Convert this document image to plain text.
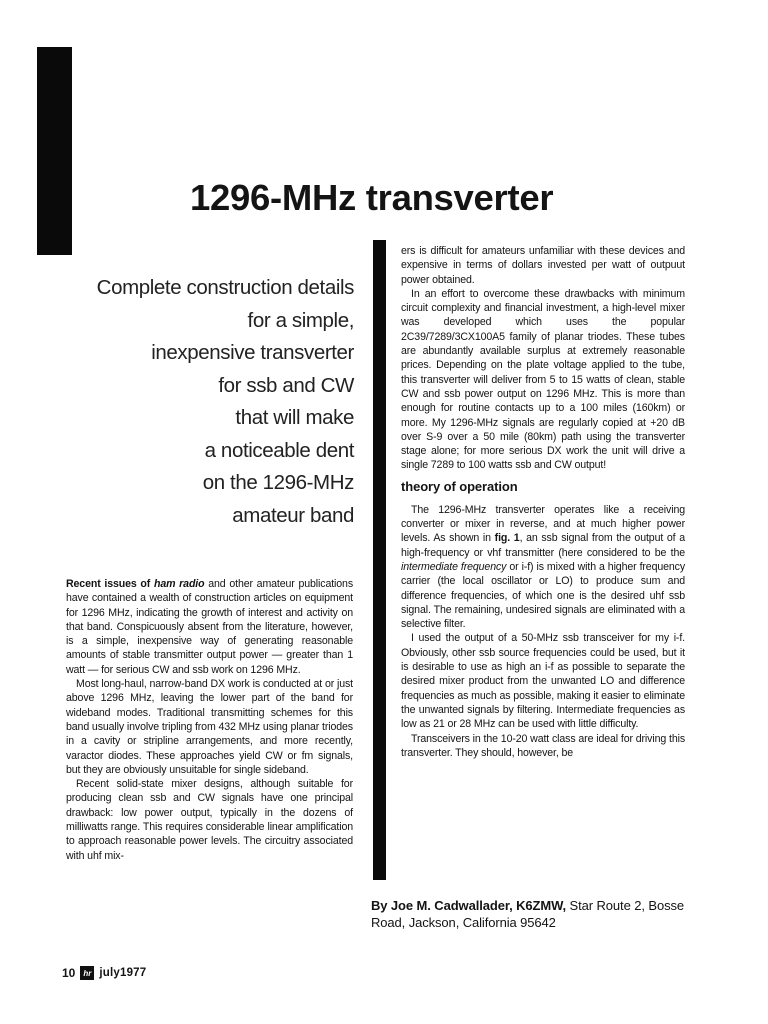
1296-MHz transverter
Complete construction details
for a simple,
inexpensive transverter
for ssb and CW
that will make
a noticeable dent
on the 1296-MHz
amateur band

Recent issues of ham radio and other amateur publications have contained a wealth of construction articles on equipment for 1296 MHz, indicating the growth of interest and activity on that band. Conspicuously absent from the literature, however, is a simple, inexpensive way of generating reasonable amounts of stable transmitter output power — greater than 1 watt — for serious CW and ssb work on 1296 MHz.

Most long-haul, narrow-band DX work is conducted at or just above 1296 MHz, leaving the lower part of the band for wideband modes. Traditional transmitting schemes for this band usually involve tripling from 432 MHz using planar triodes in a cavity or stripline arrangements, and more recently, varactor diodes. These approaches yield CW or fm signals, but they are obviously unsuitable for single sideband.

Recent solid-state mixer designs, although suitable for producing clean ssb and CW signals have one principal drawback: low power output, typically in the dozens of milliwatts range. This requires considerable linear amplification to approach reasonable power levels. The circuitry associated with uhf mix-

ers is difficult for amateurs unfamiliar with these devices and expensive in terms of dollars invested per watt of outpuut power obtained.

In an effort to overcome these drawbacks with minimum circuit complexity and financial investment, a high-level mixer was developed which uses the popular 2C39/7289/3CX100A5 family of planar triodes. These tubes are abundantly available surplus at extremely reasonable prices. Depending on the plate voltage applied to the tube, this transverter will deliver from 5 to 15 watts of clean, stable CW and ssb power output on 1296 MHz. This is more than enough for routine contacts up to a 100 miles (160km) or more. My 1296-MHz signals are regularly copied at +20 dB over S-9 over a 50 mile (80km) path using the transverter stage alone; for more serious DX work the unit will drive a single 7289 to 100 watts ssb and CW output!

theory of operation

The 1296-MHz transverter operates like a receiving converter or mixer in reverse, and at much higher power levels. As shown in fig. 1, an ssb signal from the output of a high-frequency or vhf transmitter (here considered to be the intermediate frequency or i-f) is mixed with a higher frequency carrier (the local oscillator or LO) to produce sum and difference frequencies, of which one is the desired uhf ssb signal. The remaining, undesired signals are eliminated with a selective filter.

I used the output of a 50-MHz ssb transceiver for my i-f. Obviously, other ssb source frequencies could be used, but it is desirable to use as high an i-f as possible to separate the desired mixer product from the unwanted LO and difference frequencies as much as possible, making it easier to eliminate the unwanted signals by filtering. Intermediate frequencies as low as 21 or 28 MHz can be used with little difficulty.

Transceivers in the 10-20 watt class are ideal for driving this transverter. They should, however, be

By Joe M. Cadwallader, K6ZMW, Star Route 2, Bosse Road, Jackson, California 95642
10	hr july1977
